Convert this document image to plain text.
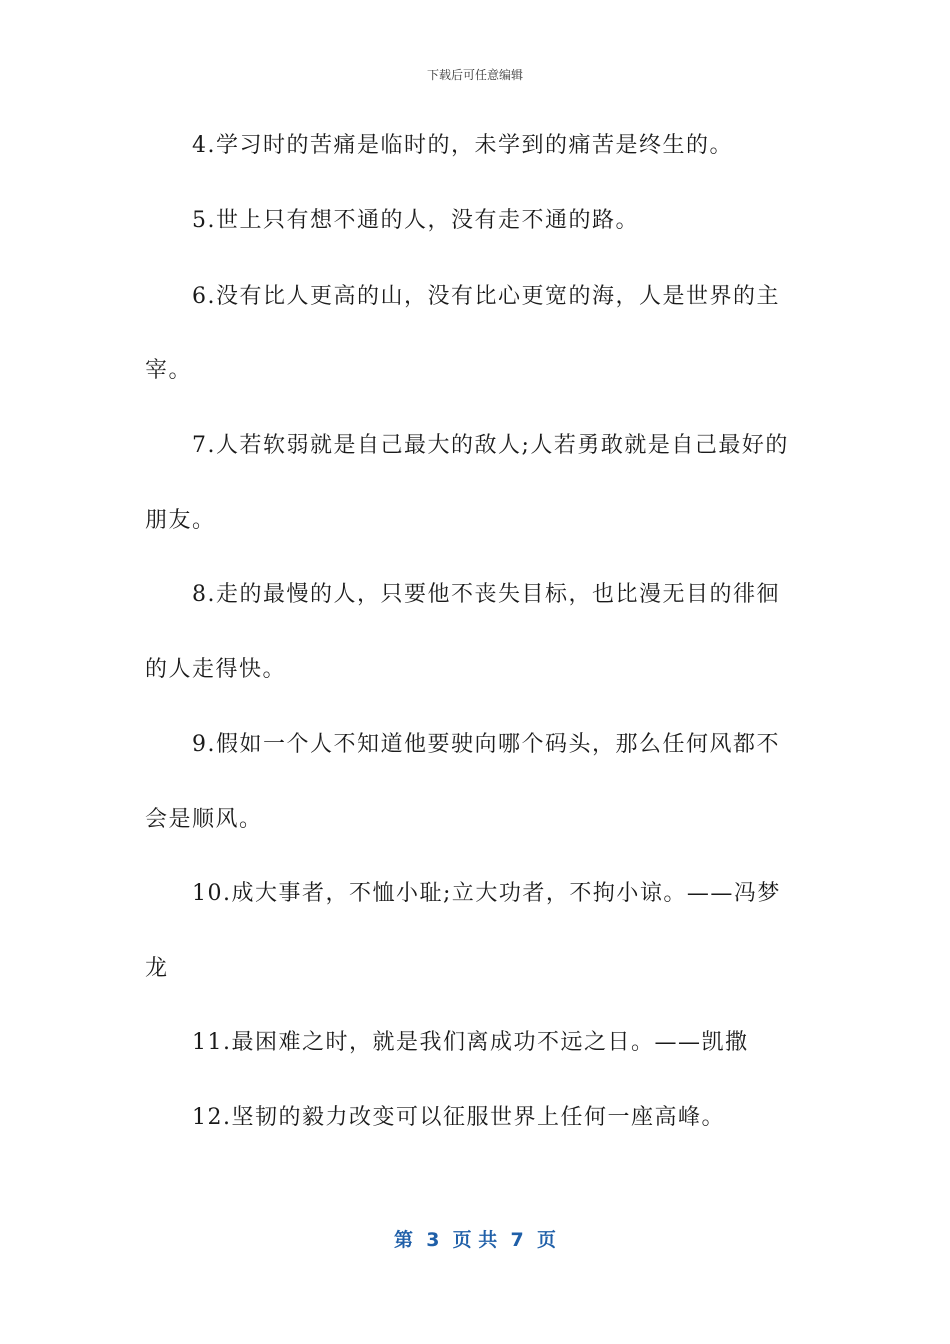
下载后可任意编辑
4.学习时的苦痛是临时的，未学到的痛苦是终生的。
5.世上只有想不通的人，没有走不通的路。
6.没有比人更高的山，没有比心更宽的海，人是世界的主
宰。
7.人若软弱就是自己最大的敌人;人若勇敢就是自己最好的
朋友。
8.走的最慢的人，只要他不丧失目标，也比漫无目的徘徊
的人走得快。
9.假如一个人不知道他要驶向哪个码头，那么任何风都不
会是顺风。
10.成大事者，不恤小耻;立大功者，不拘小谅。——冯梦
龙
11.最困难之时，就是我们离成功不远之日。——凯撒
12.坚韧的毅力改变可以征服世界上任何一座高峰。
第  3  页 共  7  页
